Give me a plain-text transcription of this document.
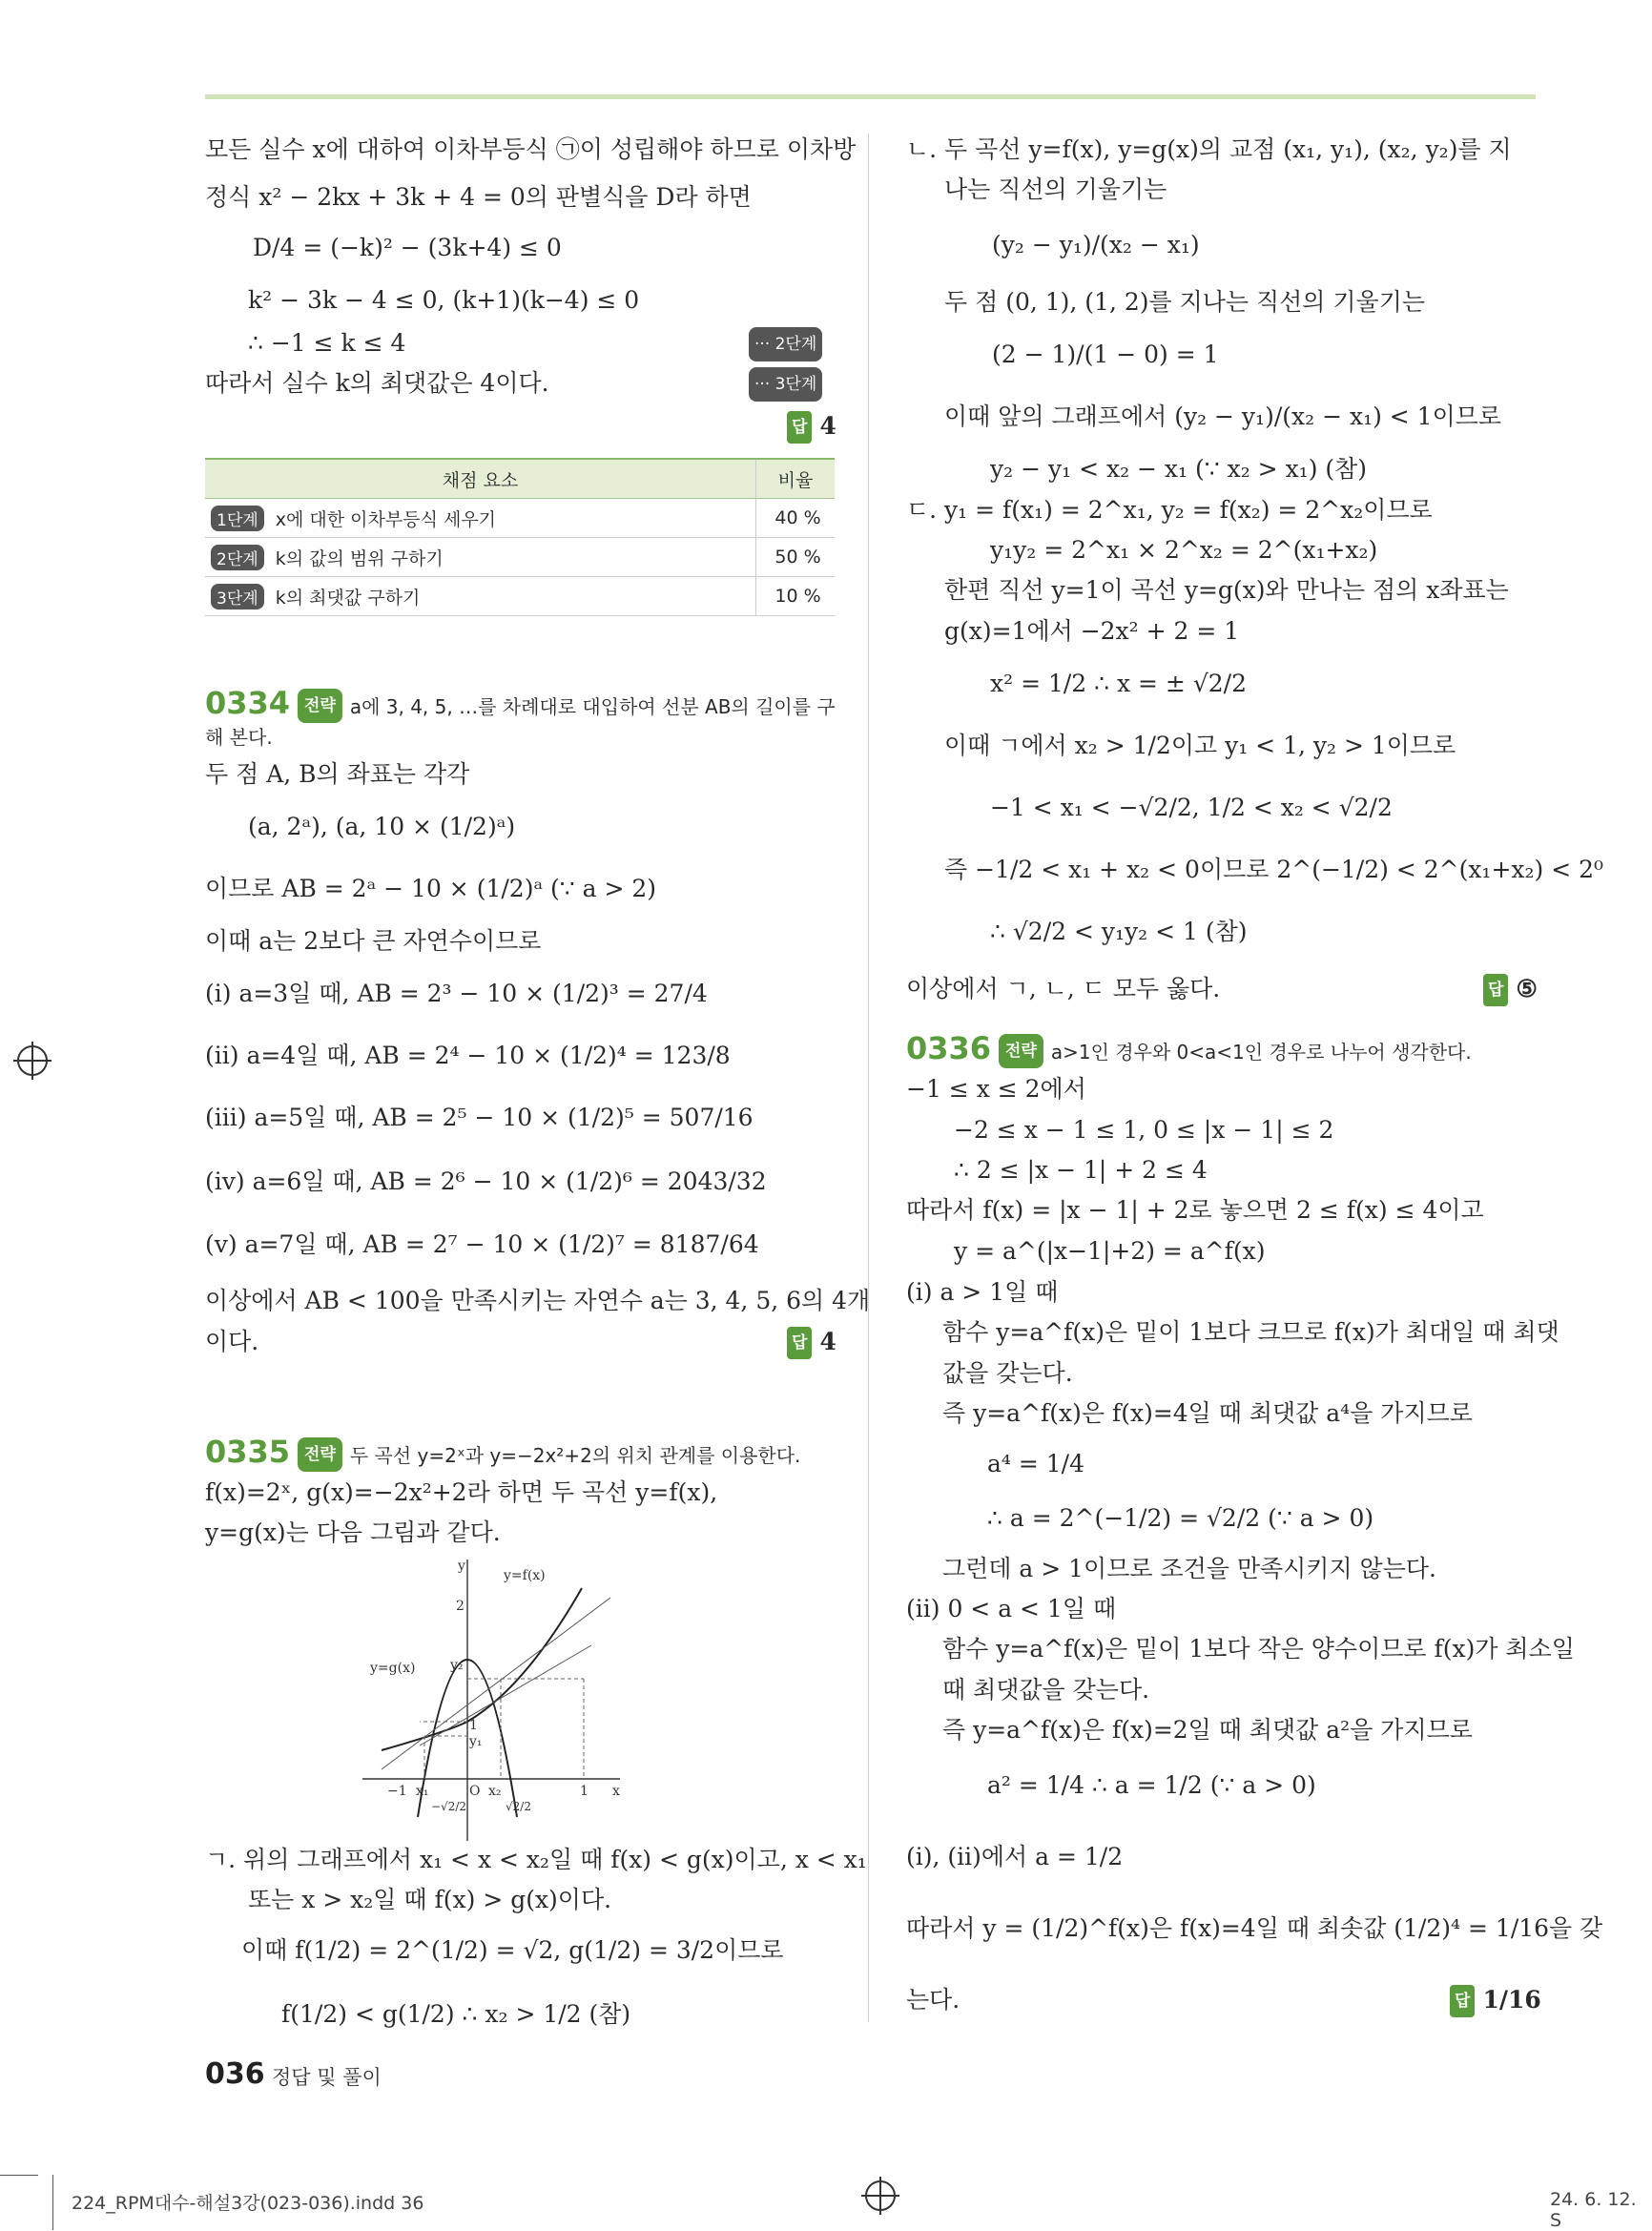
모든 실수 x에 대하여 이차부등식 ㉠이 성립해야 하므로 이차방
정식 x² − 2kx + 3k + 4 = 0의 판별식을 D라 하면
D/4 = (−k)² − (3k+4) ≤ 0
k² − 3k − 4 ≤ 0, (k+1)(k−4) ≤ 0
∴ −1 ≤ k ≤ 4	··· 2단계
따라서 실수 k의 최댓값은 4이다.	··· 3단계
답 4
채점 요소	비율
1단계 x에 대한 이차부등식 세우기	40 %
2단계 k의 값의 범위 구하기	50 %
3단계 k의 최댓값 구하기	10 %
0334 전략 a에 3, 4, 5, …를 차례대로 대입하여 선분 AB의 길이를 구
해 본다.
두 점 A, B의 좌표는 각각
(a, 2ᵃ), (a, 10 × (1/2)ᵃ)
이므로 AB = 2ᵃ − 10 × (1/2)ᵃ (∵ a > 2)
이때 a는 2보다 큰 자연수이므로
(i) a=3일 때, AB = 2³ − 10 × (1/2)³ = 27/4
(ii) a=4일 때, AB = 2⁴ − 10 × (1/2)⁴ = 123/8
(iii) a=5일 때, AB = 2⁵ − 10 × (1/2)⁵ = 507/16
(iv) a=6일 때, AB = 2⁶ − 10 × (1/2)⁶ = 2043/32
(v) a=7일 때, AB = 2⁷ − 10 × (1/2)⁷ = 8187/64
이상에서 AB < 100을 만족시키는 자연수 a는 3, 4, 5, 6의 4개
이다.	답 4
0335 전략 두 곡선 y=2ˣ과 y=−2x²+2의 위치 관계를 이용한다.
f(x)=2ˣ, g(x)=−2x²+2라 하면 두 곡선 y=f(x),
y=g(x)는 다음 그림과 같다.
y
x
y=f(x)
y=g(x)	y₂
y₁
2
1
O
−1 x₁
−√2/2
x₂
√2/2
1
ㄱ. 위의 그래프에서 x₁ < x < x₂일 때 f(x) < g(x)이고, x < x₁
또는 x > x₂일 때 f(x) > g(x)이다.
이때 f(1/2) = 2^(1/2) = √2, g(1/2) = 3/2이므로
f(1/2) < g(1/2) ∴ x₂ > 1/2 (참)
ㄴ. 두 곡선 y=f(x), y=g(x)의 교점 (x₁, y₁), (x₂, y₂)를 지
나는 직선의 기울기는
(y₂ − y₁)/(x₂ − x₁)
두 점 (0, 1), (1, 2)를 지나는 직선의 기울기는
(2 − 1)/(1 − 0) = 1
이때 앞의 그래프에서 (y₂ − y₁)/(x₂ − x₁) < 1이므로
y₂ − y₁ < x₂ − x₁ (∵ x₂ > x₁) (참)
ㄷ. y₁ = f(x₁) = 2^x₁, y₂ = f(x₂) = 2^x₂이므로
y₁y₂ = 2^x₁ × 2^x₂ = 2^(x₁+x₂)
한편 직선 y=1이 곡선 y=g(x)와 만나는 점의 x좌표는
g(x)=1에서 −2x² + 2 = 1
x² = 1/2 ∴ x = ± √2/2
이때 ㄱ에서 x₂ > 1/2이고 y₁ < 1, y₂ > 1이므로
−1 < x₁ < −√2/2, 1/2 < x₂ < √2/2
즉 −1/2 < x₁ + x₂ < 0이므로 2^(−1/2) < 2^(x₁+x₂) < 2⁰
∴ √2/2 < y₁y₂ < 1 (참)
이상에서 ㄱ, ㄴ, ㄷ 모두 옳다.	답 ⑤
0336 전략 a>1인 경우와 0<a<1인 경우로 나누어 생각한다.
−1 ≤ x ≤ 2에서
−2 ≤ x − 1 ≤ 1, 0 ≤ |x − 1| ≤ 2
∴ 2 ≤ |x − 1| + 2 ≤ 4
따라서 f(x) = |x − 1| + 2로 놓으면 2 ≤ f(x) ≤ 4이고
y = a^(|x−1|+2) = a^f(x)
(i) a > 1일 때
함수 y=a^f(x)은 밑이 1보다 크므로 f(x)가 최대일 때 최댓
값을 갖는다.
즉 y=a^f(x)은 f(x)=4일 때 최댓값 a⁴을 가지므로
a⁴ = 1/4
∴ a = 2^(−1/2) = √2/2 (∵ a > 0)
그런데 a > 1이므로 조건을 만족시키지 않는다.
(ii) 0 < a < 1일 때
함수 y=a^f(x)은 밑이 1보다 작은 양수이므로 f(x)가 최소일
때 최댓값을 갖는다.
즉 y=a^f(x)은 f(x)=2일 때 최댓값 a²을 가지므로
a² = 1/4 ∴ a = 1/2 (∵ a > 0)
(i), (ii)에서 a = 1/2
따라서 y = (1/2)^f(x)은 f(x)=4일 때 최솟값 (1/2)⁴ = 1/16을 갖
는다.	답 1/16
036 정답 및 풀이
224_RPM대수-해설3강(023-036).indd 36	24. 6. 12. S
